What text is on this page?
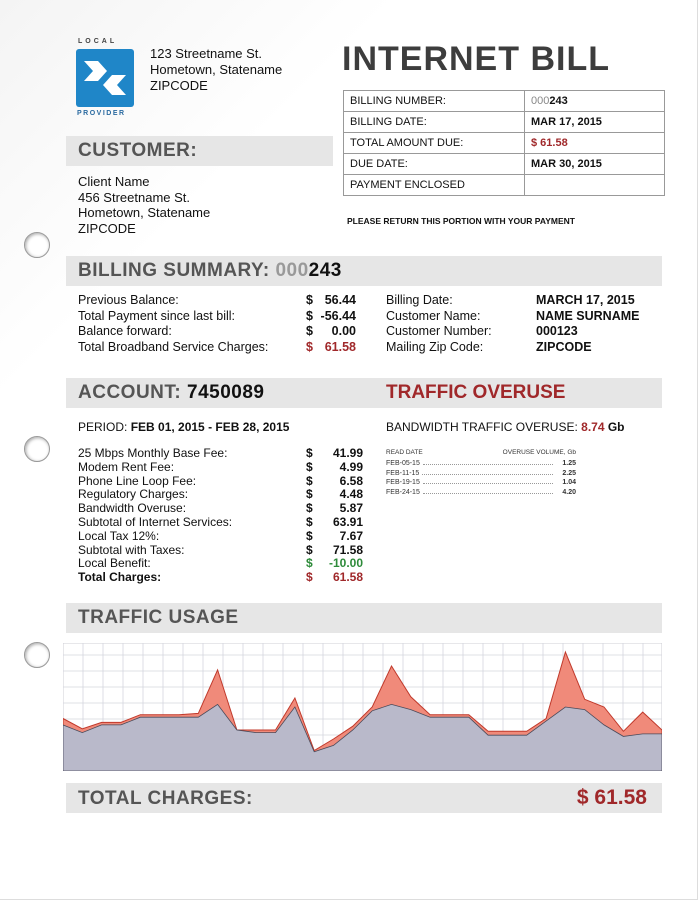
LOCAL
PROVIDER
123 Streetname St.
Hometown, Statename
ZIPCODE
INTERNET BILL
BILLING NUMBER:	000243
BILLING DATE:	MAR 17, 2015
TOTAL AMOUNT DUE:	$ 61.58
DUE DATE:	MAR 30, 2015
PAYMENT ENCLOSED	
PLEASE RETURN THIS PORTION WITH YOUR PAYMENT
CUSTOMER:
Client Name
456 Streetname St.
Hometown, Statename
ZIPCODE
BILLING SUMMARY: 000243
Previous Balance:	$ 56.44
Total Payment since last bill:	$ -56.44
Balance forward:	$	0.00
Total Broadband Service Charges:	$ 61.58
Billing Date:	MARCH 17, 2015
Customer Name:	NAME SURNAME
Customer Number:	000123
Mailing Zip Code:	ZIPCODE
ACCOUNT: 7450089	TRAFFIC OVERUSE
PERIOD: FEB 01, 2015 - FEB 28, 2015	BANDWIDTH TRAFFIC OVERUSE: 8.74 Gb
25 Mbps Monthly Base Fee:	$	41.99
Modem Rent Fee:	$	4.99
Phone Line Loop Fee:	$	6.58
Regulatory Charges:	$	4.48
Bandwidth Overuse:	$	5.87
Subtotal of Internet Services:	$	63.91
Local Tax 12%:	$	7.67
Subtotal with Taxes:	$	71.58
Local Benefit:	$	-10.00
Total Charges:	$	61.58
READ DATE	OVERUSE VOLUME, Gb
FEB-05-15	1.25
FEB-11-15	2.25
FEB-19-15	1.04
FEB-24-15	4.20
TRAFFIC USAGE
TOTAL CHARGES:	$ 61.58
